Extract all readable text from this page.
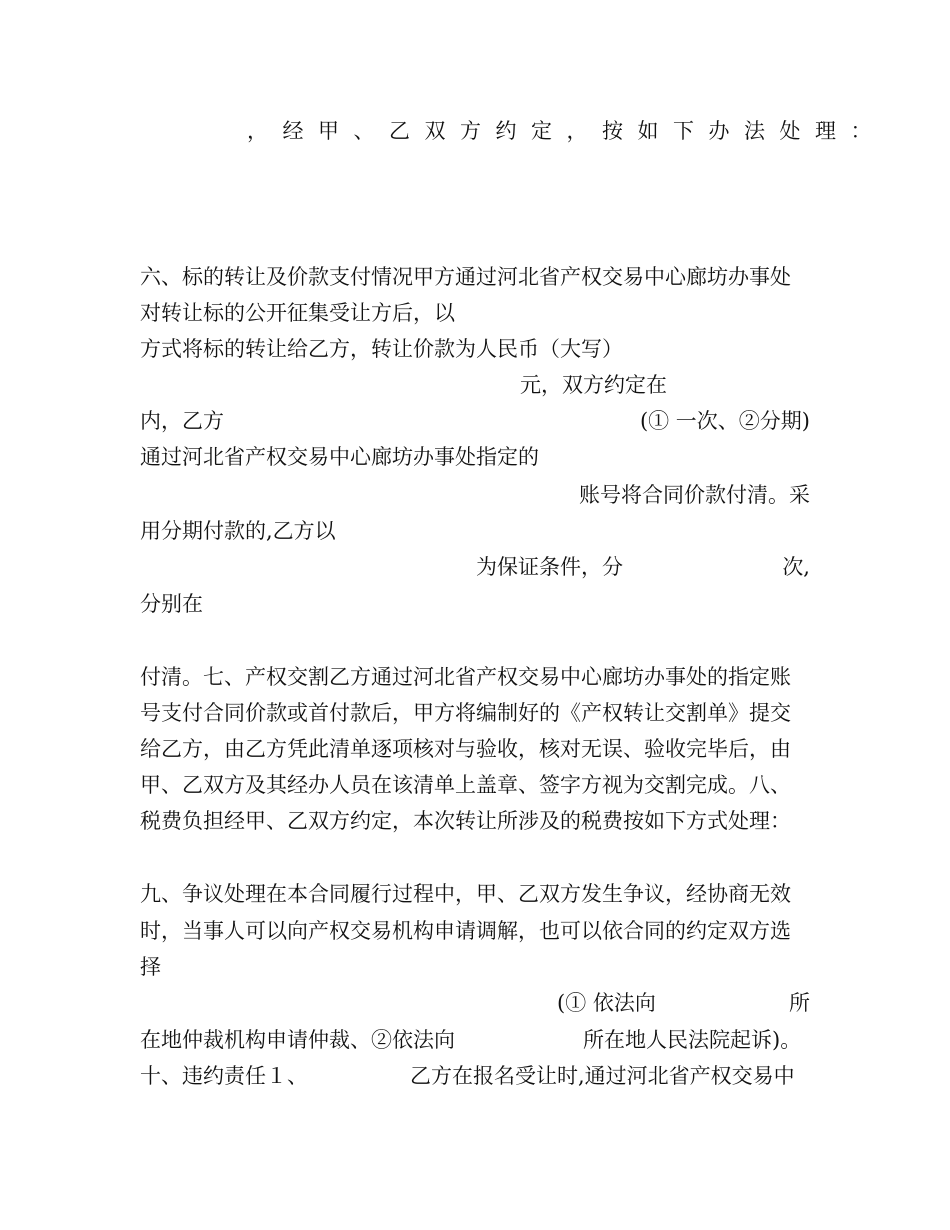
，经甲、乙双方约定，按如下办法处理：
六、标的转让及价款支付情况甲方通过河北省产权交易中心廊坊办事处
对转让标的公开征集受让方后，以
方式将标的转让给乙方，转让价款为人民币（大写）
元，双方约定在
内，乙方	(① 一次、②分期)
通过河北省产权交易中心廊坊办事处指定的
账号将合同价款付清。采
用分期付款的,乙方以
为保证条件，分	次,
分别在
付清。七、产权交割乙方通过河北省产权交易中心廊坊办事处的指定账
号支付合同价款或首付款后，甲方将编制好的《产权转让交割单》提交
给乙方，由乙方凭此清单逐项核对与验收，核对无误、验收完毕后，由
甲、乙双方及其经办人员在该清单上盖章、签字方视为交割完成。八、
税费负担经甲、乙双方约定，本次转让所涉及的税费按如下方式处理：
九、争议处理在本合同履行过程中，甲、乙双方发生争议，经协商无效
时，当事人可以向产权交易机构申请调解，也可以依合同的约定双方选
择
(① 依法向	所
在地仲裁机构申请仲裁、②依法向	所在地人民法院起诉)。
十、违约责任１、	乙方在报名受让时,通过河北省产权交易中
